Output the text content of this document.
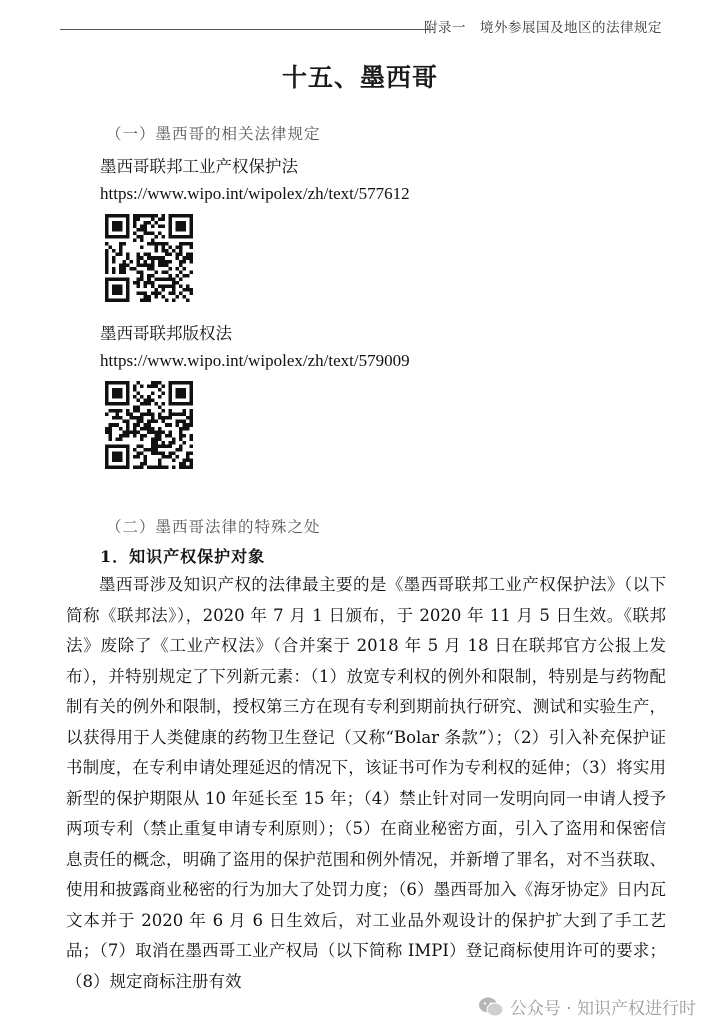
附录一　境外参展国及地区的法律规定
十五、墨西哥
（一）墨西哥的相关法律规定
墨西哥联邦工业产权保护法
https://www.wipo.int/wipolex/zh/text/577612
墨西哥联邦版权法
https://www.wipo.int/wipolex/zh/text/579009
（二）墨西哥法律的特殊之处
1．知识产权保护对象
墨西哥涉及知识产权的法律最主要的是《墨西哥联邦工业产权保护法》（以下简称《联邦法》），2020 年 7 月 1 日颁布，于 2020 年 11 月 5 日生效。《联邦法》废除了《工业产权法》（合并案于 2018 年 5 月 18 日在联邦官方公报上发布），并特别规定了下列新元素：（1）放宽专利权的例外和限制，特别是与药物配制有关的例外和限制，授权第三方在现有专利到期前执行研究、测试和实验生产，以获得用于人类健康的药物卫生登记（又称“Bolar 条款”）；（2）引入补充保护证书制度，在专利申请处理延迟的情况下，该证书可作为专利权的延伸；（3）将实用新型的保护期限从 10 年延长至 15 年；（4）禁止针对同一发明向同一申请人授予两项专利（禁止重复申请专利原则）；（5）在商业秘密方面，引入了盗用和保密信息责任的概念，明确了盗用的保护范围和例外情况，并新增了罪名，对不当获取、使用和披露商业秘密的行为加大了处罚力度；（6）墨西哥加入《海牙协定》日内瓦文本并于 2020 年 6 月 6 日生效后，对工业品外观设计的保护扩大到了手工艺品；（7）取消在墨西哥工业产权局（以下简称 IMPI）登记商标使用许可的要求；（8）规定商标注册有效
公众号 · 知识产权进行时
